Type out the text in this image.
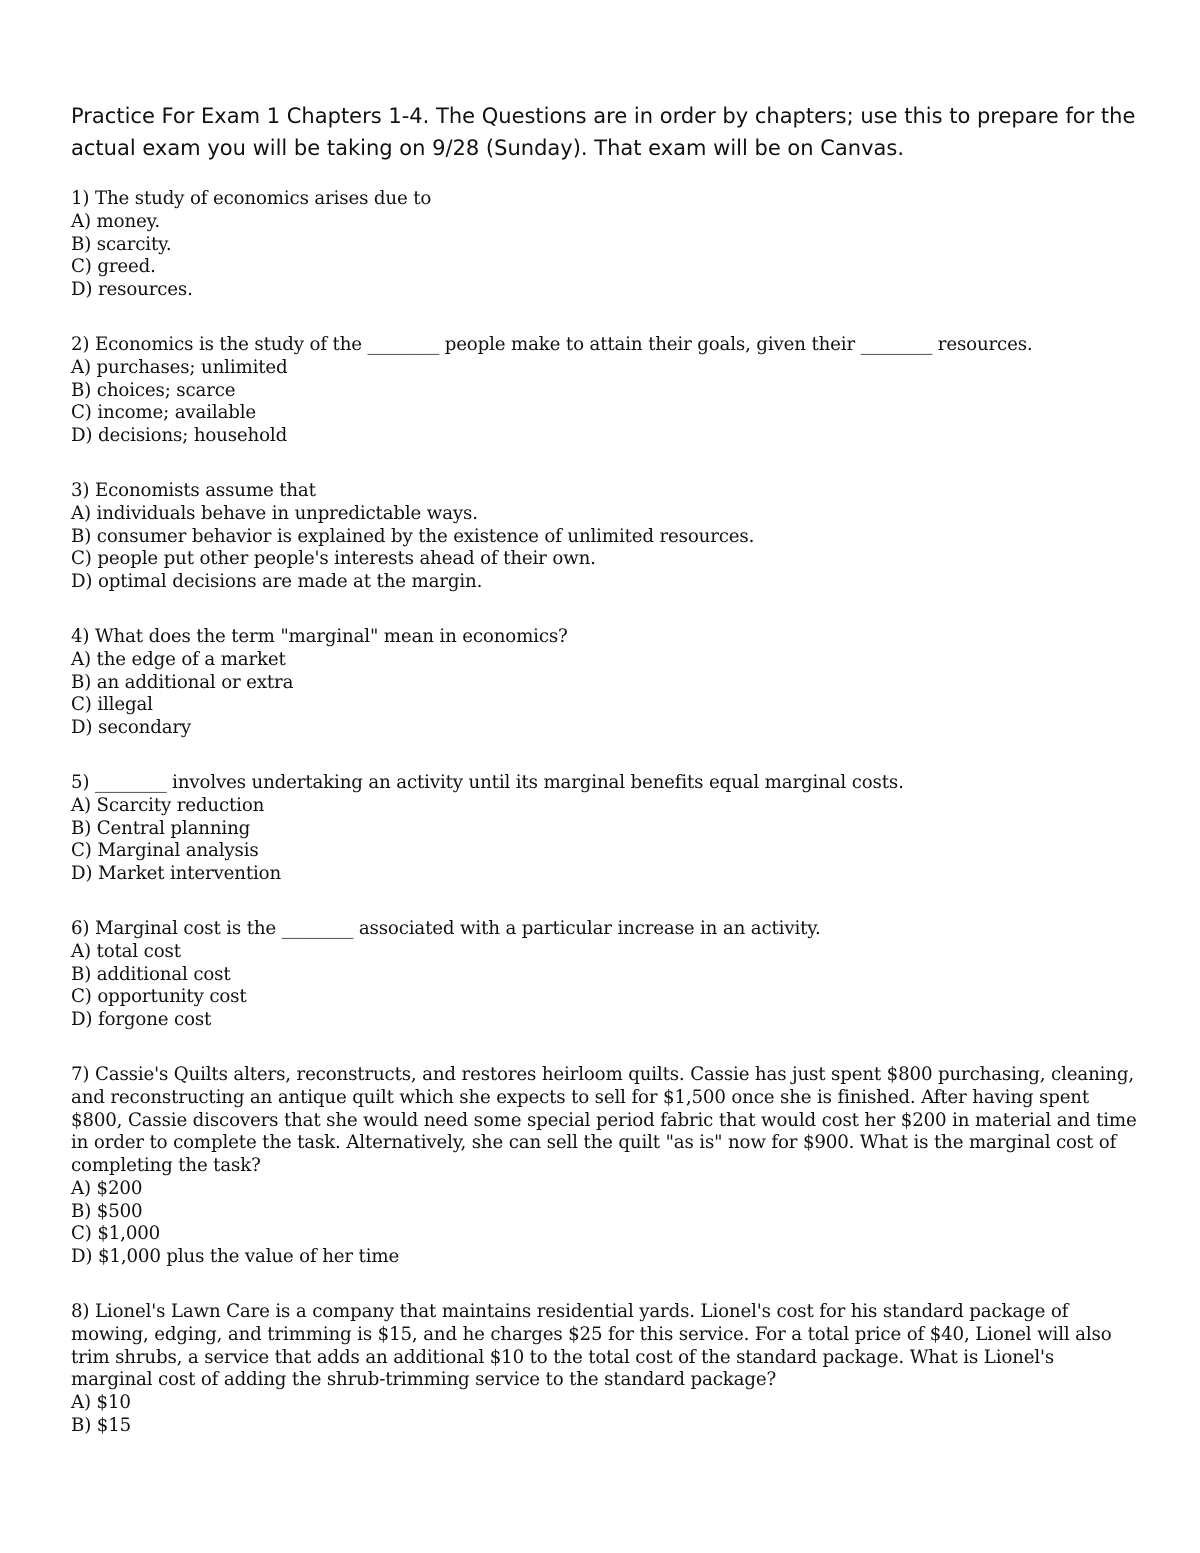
Practice For Exam 1 Chapters 1-4. The Questions are in order by chapters; use this to prepare for the actual exam you will be taking on 9/28 (Sunday). That exam will be on Canvas.
1) The study of economics arises due to
A) money.
B) scarcity.
C) greed.
D) resources.
2) Economics is the study of the ________ people make to attain their goals, given their ________ resources.
A) purchases; unlimited
B) choices; scarce
C) income; available
D) decisions; household
3) Economists assume that
A) individuals behave in unpredictable ways.
B) consumer behavior is explained by the existence of unlimited resources.
C) people put other people's interests ahead of their own.
D) optimal decisions are made at the margin.
4) What does the term "marginal" mean in economics?
A) the edge of a market
B) an additional or extra
C) illegal
D) secondary
5) ________ involves undertaking an activity until its marginal benefits equal marginal costs.
A) Scarcity reduction
B) Central planning
C) Marginal analysis
D) Market intervention
6) Marginal cost is the ________ associated with a particular increase in an activity.
A) total cost
B) additional cost
C) opportunity cost
D) forgone cost
7) Cassie's Quilts alters, reconstructs, and restores heirloom quilts. Cassie has just spent $800 purchasing, cleaning, and reconstructing an antique quilt which she expects to sell for $1,500 once she is finished. After having spent $800, Cassie discovers that she would need some special period fabric that would cost her $200 in material and time in order to complete the task. Alternatively, she can sell the quilt "as is" now for $900. What is the marginal cost of completing the task?
A) $200
B) $500
C) $1,000
D) $1,000 plus the value of her time
8) Lionel's Lawn Care is a company that maintains residential yards. Lionel's cost for his standard package of mowing, edging, and trimming is $15, and he charges $25 for this service. For a total price of $40, Lionel will also trim shrubs, a service that adds an additional $10 to the total cost of the standard package. What is Lionel's marginal cost of adding the shrub-trimming service to the standard package?
A) $10
B) $15
